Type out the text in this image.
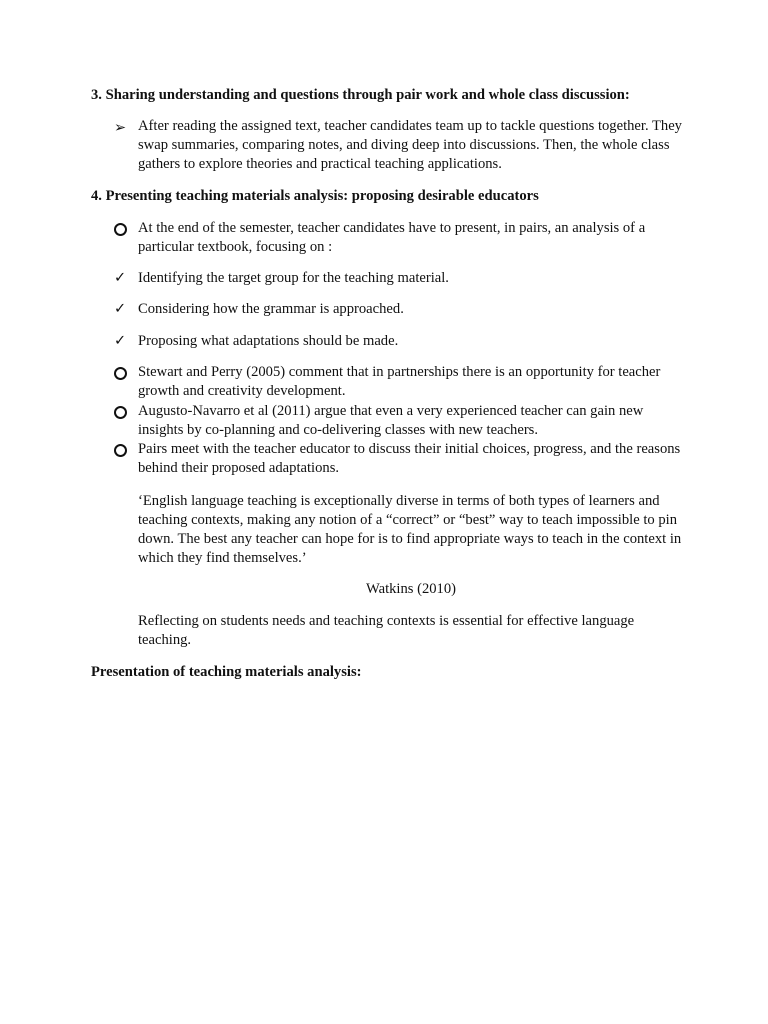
3. Sharing understanding and questions through pair work and whole class discussion:
➢ After reading the assigned text, teacher candidates team up to tackle questions together. They swap summaries, comparing notes, and diving deep into discussions. Then, the whole class gathers to explore theories and practical teaching applications.
4. Presenting teaching materials analysis: proposing desirable educators
At the end of the semester, teacher candidates have to present, in pairs, an analysis of a particular textbook, focusing on :
✓ Identifying the target group for the teaching material.
✓ Considering how the grammar is approached.
✓ Proposing what adaptations should be made.
Stewart and Perry (2005) comment that in partnerships there is an opportunity for teacher growth and creativity development.
Augusto-Navarro et al (2011) argue that even a very experienced teacher can gain new insights by co-planning and co-delivering classes with new teachers.
Pairs meet with the teacher educator to discuss their initial choices, progress, and the reasons behind their proposed adaptations.
‘English language teaching is exceptionally diverse in terms of both types of learners and teaching contexts, making any notion of a “correct” or “best” way to teach impossible to pin down. The best any teacher can hope for is to find appropriate ways to teach in the context in which they find themselves.’
Watkins (2010)
Reflecting on students needs and teaching contexts is essential for effective language teaching.
Presentation of teaching materials analysis:
